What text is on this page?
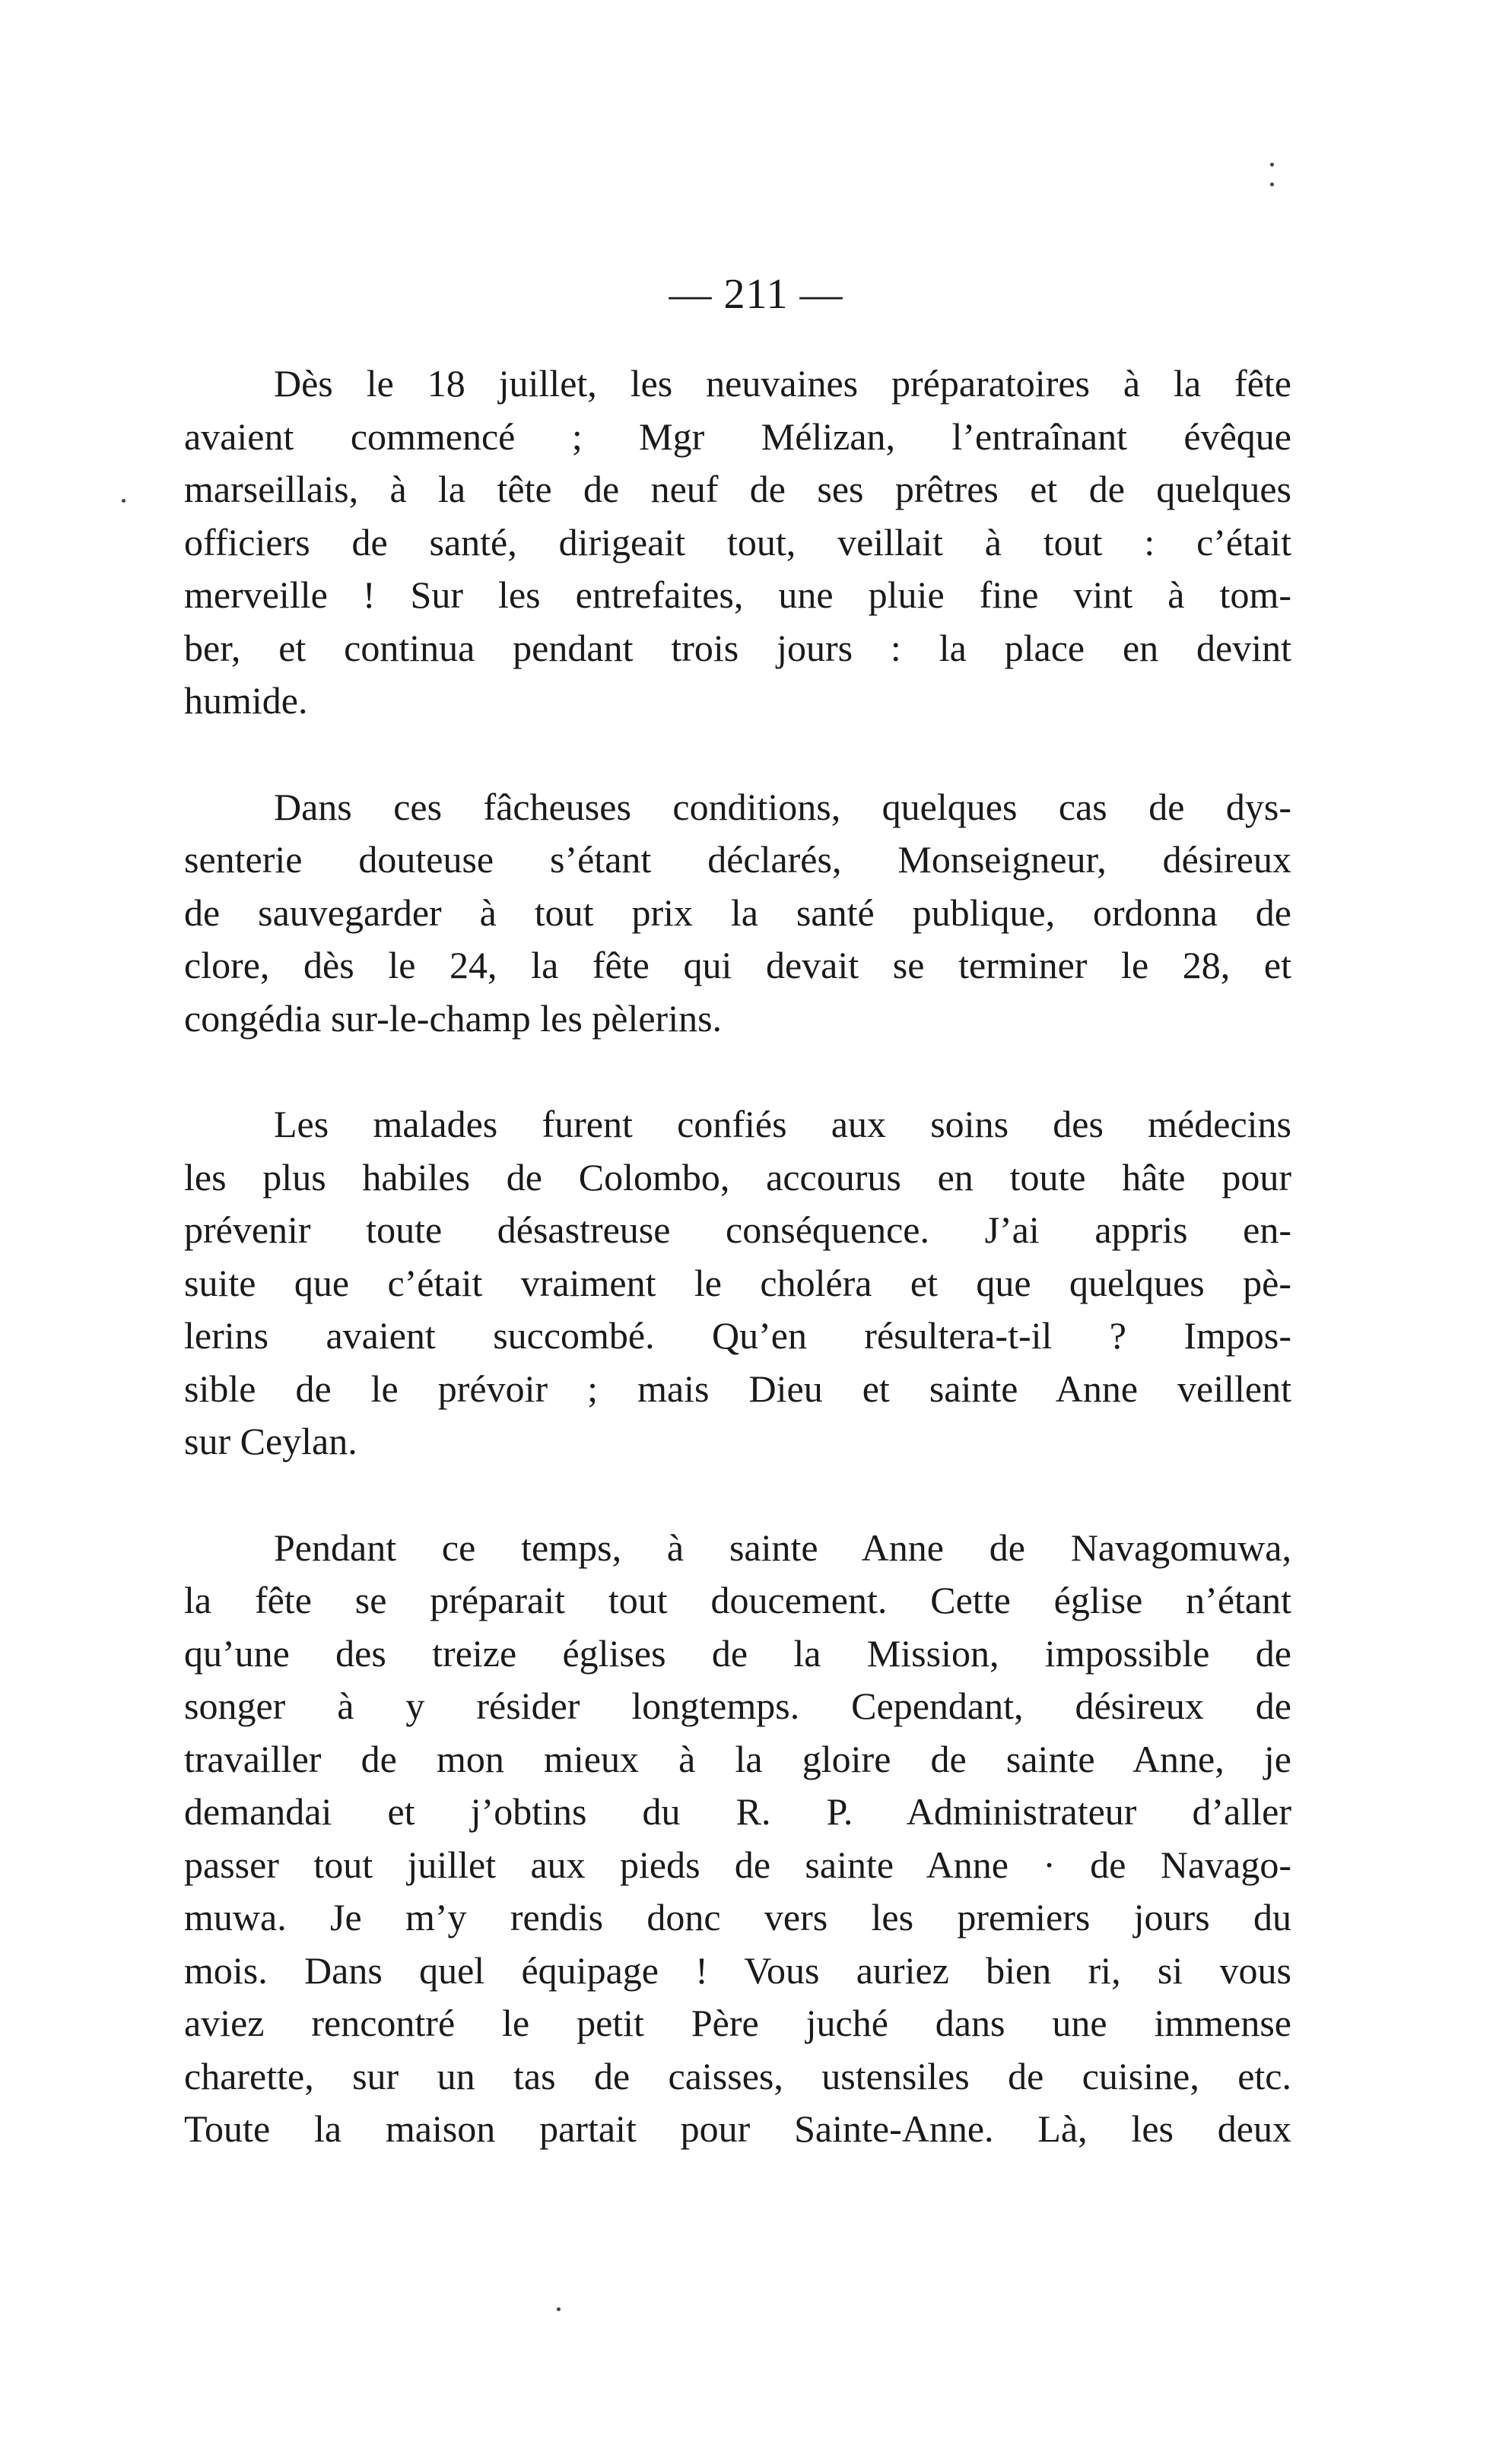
— 211 —

Dès le 18 juillet, les neuvaines préparatoires à la fête
avaient commencé ; Mgr Mélizan, l’entraînant évêque
marseillais, à la tête de neuf de ses prêtres et de quelques
officiers de santé, dirigeait tout, veillait à tout : c’était
merveille ! Sur les entrefaites, une pluie fine vint à tom-
ber, et continua pendant trois jours : la place en devint
humide.

Dans ces fâcheuses conditions, quelques cas de dys-
senterie douteuse s’étant déclarés, Monseigneur, désireux
de sauvegarder à tout prix la santé publique, ordonna de
clore, dès le 24, la fête qui devait se terminer le 28, et
congédia sur-le-champ les pèlerins.

Les malades furent confiés aux soins des médecins
les plus habiles de Colombo, accourus en toute hâte pour
prévenir toute désastreuse conséquence. J’ai appris en-
suite que c’était vraiment le choléra et que quelques pè-
lerins avaient succombé. Qu’en résultera-t-il ? Impos-
sible de le prévoir ; mais Dieu et sainte Anne veillent
sur Ceylan.

Pendant ce temps, à sainte Anne de Navagomuwa,
la fête se préparait tout doucement. Cette église n’étant
qu’une des treize églises de la Mission, impossible de
songer à y résider longtemps. Cependant, désireux de
travailler de mon mieux à la gloire de sainte Anne, je
demandai et j’obtins du R. P. Administrateur d’aller
passer tout juillet aux pieds de sainte Anne · de Navago-
muwa. Je m’y rendis donc vers les premiers jours du
mois. Dans quel équipage ! Vous auriez bien ri, si vous
aviez rencontré le petit Père juché dans une immense
charette, sur un tas de caisses, ustensiles de cuisine, etc.
Toute la maison partait pour Sainte-Anne. Là, les deux
